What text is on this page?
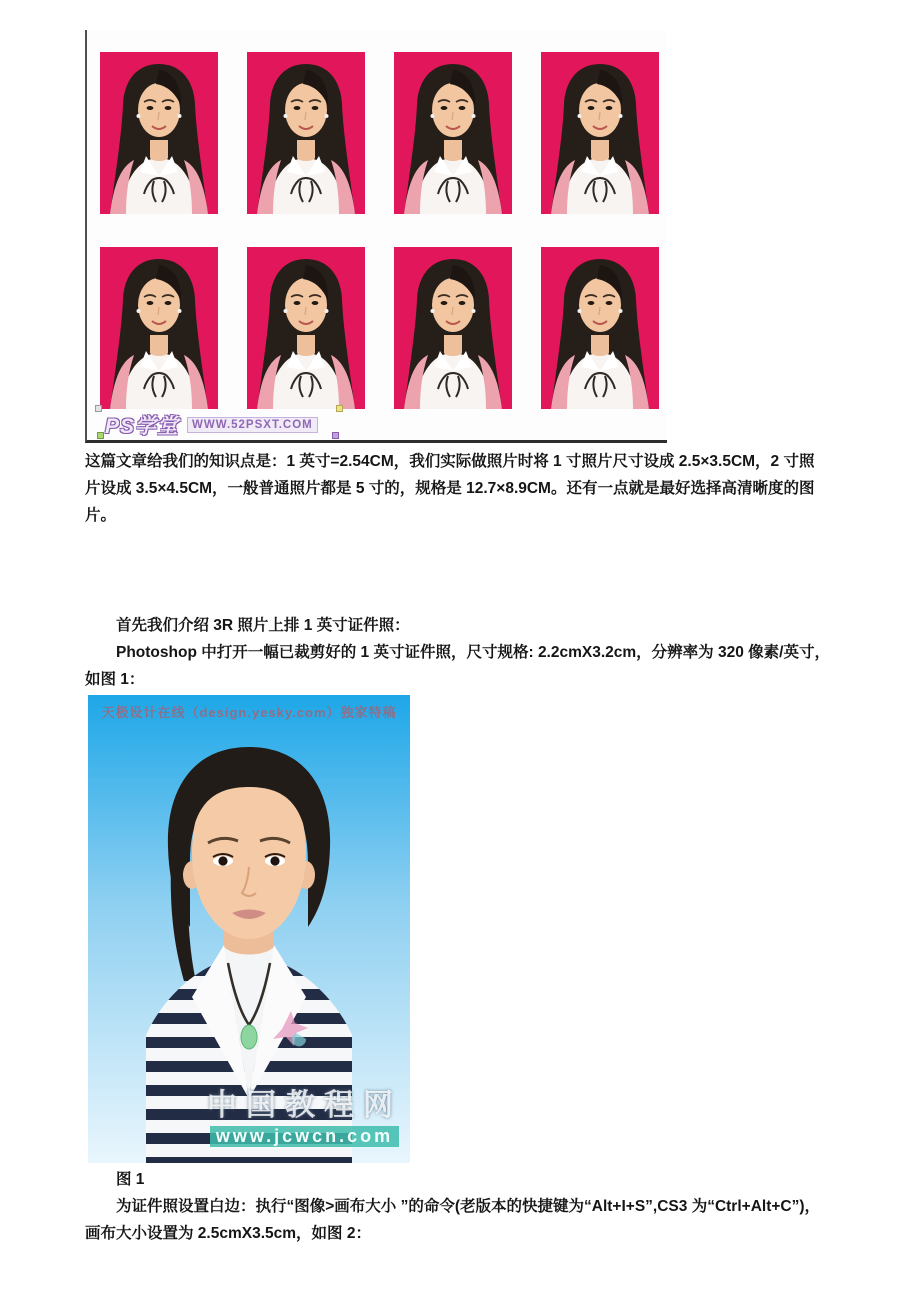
PS学堂	WWW.52PSXT.COM
这篇文章给我们的知识点是：1 英寸=2.54CM，我们实际做照片时将 1 寸照片尺寸设成 2.5×3.5CM，2 寸照
片设成 3.5×4.5CM，一般普通照片都是 5 寸的，规格是 12.7×8.9CM。还有一点就是最好选择高清晰度的图
片。
首先我们介绍 3R 照片上排 1 英寸证件照：
Photoshop 中打开一幅已裁剪好的 1 英寸证件照，尺寸规格: 2.2cmX3.2cm，分辨率为 320 像素/英寸，
如图 1：
天极设计在线（design.yesky.com）独家特稿
中国教程网
www.jcwcn.com
图 1
为证件照设置白边：执行“图像>画布大小 ”的命令(老版本的快捷键为“Alt+I+S”,CS3 为“Ctrl+Alt+C”)，
画布大小设置为 2.5cmX3.5cm，如图 2：
